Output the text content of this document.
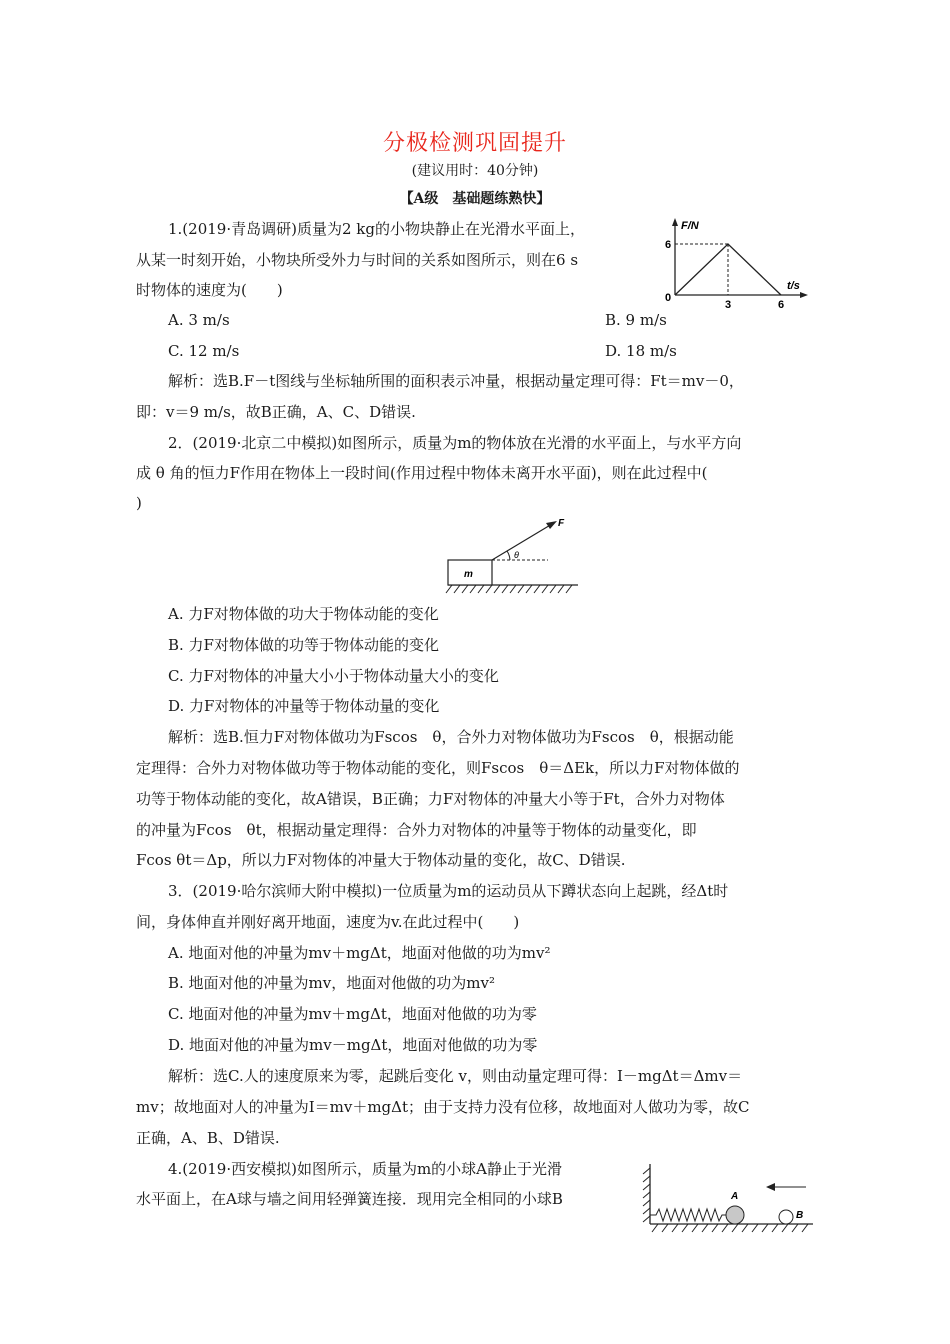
分极检测巩固提升
(建议用时：40分钟)
【A级　基础题练熟快】
1.(2019·青岛调研)质量为2 kg的小物块静止在光滑水平面上，
从某一时刻开始，小物块所受外力与时间的关系如图所示，则在6 s
时物体的速度为(　　)
F/N
t/s
6
0
3	6
A. 3 m/s	B. 9 m/s
C. 12 m/s	D. 18 m/s
解析：选B.F－t图线与坐标轴所围的面积表示冲量，根据动量定理可得：Ft＝mv－0，
即：v＝9 m/s，故B正确，A、C、D错误.
2．(2019·北京二中模拟)如图所示，质量为m的物体放在光滑的水平面上，与水平方向
成 θ 角的恒力F作用在物体上一段时间(作用过程中物体未离开水平面)，则在此过程中(
)
m
θ
F
A. 力F对物体做的功大于物体动能的变化
B. 力F对物体做的功等于物体动能的变化
C. 力F对物体的冲量大小小于物体动量大小的变化
D. 力F对物体的冲量等于物体动量的变化
解析：选B.恒力F对物体做功为Fscos　θ，合外力对物体做功为Fscos　θ，根据动能
定理得：合外力对物体做功等于物体动能的变化，则Fscos　θ＝ΔEk，所以力F对物体做的
功等于物体动能的变化，故A错误，B正确；力F对物体的冲量大小等于Ft，合外力对物体
的冲量为Fcos　θt，根据动量定理得：合外力对物体的冲量等于物体的动量变化，即
Fcos θt＝Δp，所以力F对物体的冲量大于物体动量的变化，故C、D错误.
3．(2019·哈尔滨师大附中模拟)一位质量为m的运动员从下蹲状态向上起跳，经Δt时
间，身体伸直并刚好离开地面，速度为v.在此过程中(　　)
A. 地面对他的冲量为mv＋mgΔt，地面对他做的功为mv²
B. 地面对他的冲量为mv，地面对他做的功为mv²
C. 地面对他的冲量为mv＋mgΔt，地面对他做的功为零
D. 地面对他的冲量为mv－mgΔt，地面对他做的功为零
解析：选C.人的速度原来为零，起跳后变化 v，则由动量定理可得：I－mgΔt＝Δmv＝
mv；故地面对人的冲量为I＝mv＋mgΔt；由于支持力没有位移，故地面对人做功为零，故C
正确，A、B、D错误.
4.(2019·西安模拟)如图所示，质量为m的小球A静止于光滑
水平面上，在A球与墙之间用轻弹簧连接．现用完全相同的小球B	A
B
